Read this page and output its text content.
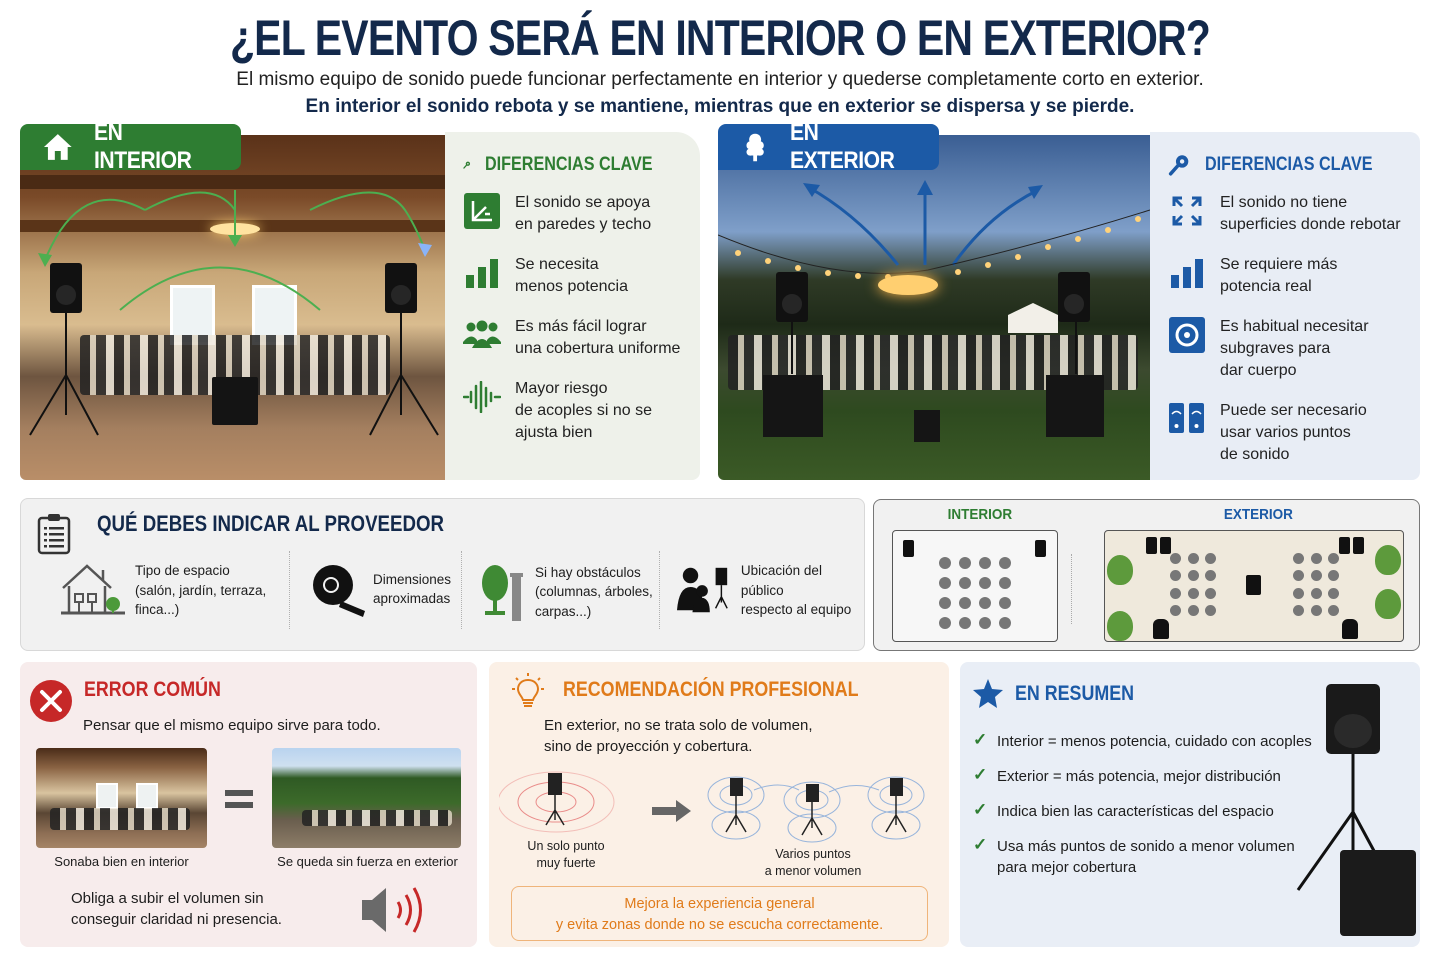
¿EL EVENTO SERÁ EN INTERIOR O EN EXTERIOR?
El mismo equipo de sonido puede funcionar perfectamente en interior y quederse completamente corto en exterior.
En interior el sonido rebota y se mantiene, mientras que en exterior se dispersa y se pierde.
EN INTERIOR	DIFERENCIAS CLAVE
El sonido se apoya
en paredes y techo
Se necesita
menos potencia
Es más fácil lograr
una cobertura uniforme
Mayor riesgo
de acoples si no se
ajusta bien
EN EXTERIOR	DIFERENCIAS CLAVE
El sonido no tiene
superficies donde rebotar
Se requiere más
potencia real
Es habitual necesitar
subgraves para
dar cuerpo
Puede ser necesario
usar varios puntos
de sonido
QUÉ DEBES INDICAR AL PROVEEDOR
Tipo de espacio
(salón, jardín, terraza,
finca...)
Dimensiones
aproximadas
Si hay obstáculos
(columnas, árboles,
carpas...)
Ubicación del público
respecto al equipo
INTERIOR	EXTERIOR
ERROR COMÚN
Pensar que el mismo equipo sirve para todo.
Sonaba bien en interior	Se queda sin fuerza en exterior
Obliga a subir el volumen sin
conseguir claridad ni presencia.
RECOMENDACIÓN PROFESIONAL
En exterior, no se trata solo de volumen,
sino de proyección y cobertura.
Un solo punto
muy fuerte
Varios puntos
a menor volumen
Mejora la experiencia general
y evita zonas donde no se escucha correctamente.
EN RESUMEN
✓ Interior = menos potencia, cuidado con acoples
✓ Exterior = más potencia, mejor distribución
✓ Indica bien las características del espacio
✓ Usa más puntos de sonido a menor volumen
para mejor cobertura
